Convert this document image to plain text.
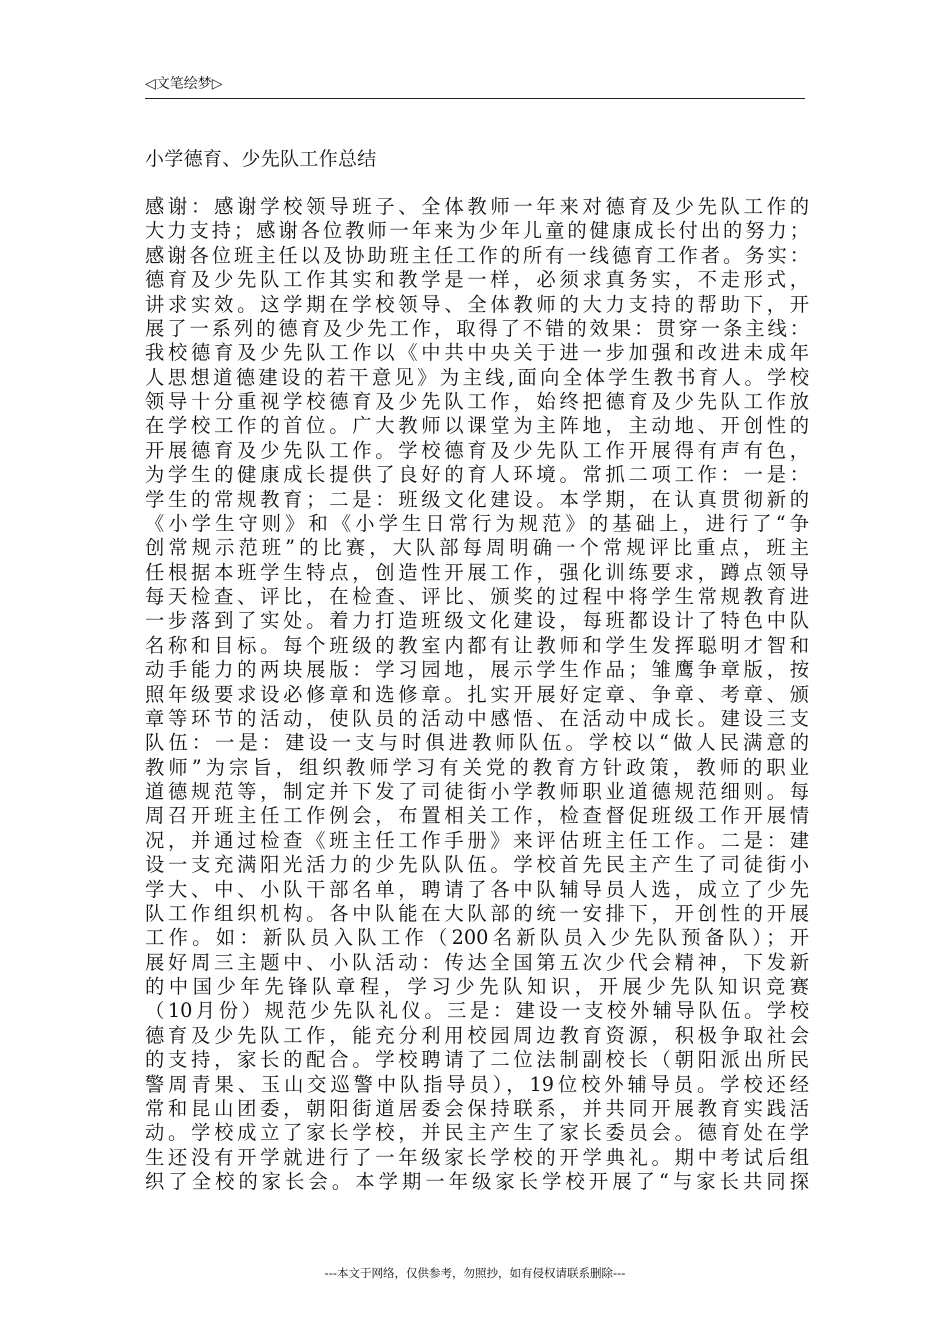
◁文笔绘梦▷
小学德育、少先队工作总结
感谢：感谢学校领导班子、全体教师一年来对德育及少先队工作的
大力支持；感谢各位教师一年来为少年儿童的健康成长付出的努力；
感谢各位班主任以及协助班主任工作的所有一线德育工作者。务实：
德育及少先队工作其实和教学是一样，必须求真务实，不走形式，
讲求实效。这学期在学校领导、全体教师的大力支持的帮助下，开
展了一系列的德育及少先工作，取得了不错的效果：贯穿一条主线：
我校德育及少先队工作以《中共中央关于进一步加强和改进未成年
人思想道德建设的若干意见》为主线,面向全体学生教书育人。学校
领导十分重视学校德育及少先队工作，始终把德育及少先队工作放
在学校工作的首位。广大教师以课堂为主阵地，主动地、开创性的
开展德育及少先队工作。学校德育及少先队工作开展得有声有色，
为学生的健康成长提供了良好的育人环境。常抓二项工作：一是：
学生的常规教育；二是：班级文化建设。本学期，在认真贯彻新的
《小学生守则》和《小学生日常行为规范》的基础上，进行了“争
创常规示范班”的比赛，大队部每周明确一个常规评比重点，班主
任根据本班学生特点，创造性开展工作，强化训练要求，蹲点领导
每天检查、评比，在检查、评比、颁奖的过程中将学生常规教育进
一步落到了实处。着力打造班级文化建设，每班都设计了特色中队
名称和目标。每个班级的教室内都有让教师和学生发挥聪明才智和
动手能力的两块展版：学习园地，展示学生作品；雏鹰争章版，按
照年级要求设必修章和选修章。扎实开展好定章、争章、考章、颁
章等环节的活动，使队员的活动中感悟、在活动中成长。建设三支
队伍：一是：建设一支与时俱进教师队伍。学校以“做人民满意的
教师”为宗旨，组织教师学习有关党的教育方针政策，教师的职业
道德规范等，制定并下发了司徒街小学教师职业道德规范细则。每
周召开班主任工作例会，布置相关工作，检查督促班级工作开展情
况，并通过检查《班主任工作手册》来评估班主任工作。二是：建
设一支充满阳光活力的少先队队伍。学校首先民主产生了司徒街小
学大、中、小队干部名单，聘请了各中队辅导员人选，成立了少先
队工作组织机构。各中队能在大队部的统一安排下，开创性的开展
工作。如：新队员入队工作（200名新队员入少先队预备队）；开
展好周三主题中、小队活动：传达全国第五次少代会精神，下发新
的中国少年先锋队章程，学习少先队知识，开展少先队知识竞赛
（10月份）规范少先队礼仪。三是：建设一支校外辅导队伍。学校
德育及少先队工作，能充分利用校园周边教育资源，积极争取社会
的支持，家长的配合。学校聘请了二位法制副校长（朝阳派出所民
警周青果、玉山交巡警中队指导员），19位校外辅导员。学校还经
常和昆山团委，朝阳街道居委会保持联系，并共同开展教育实践活
动。学校成立了家长学校，并民主产生了家长委员会。德育处在学
生还没有开学就进行了一年级家长学校的开学典礼。期中考试后组
织了全校的家长会。本学期一年级家长学校开展了“与家长共同探
---本文于网络，仅供参考，勿照抄，如有侵权请联系删除---
